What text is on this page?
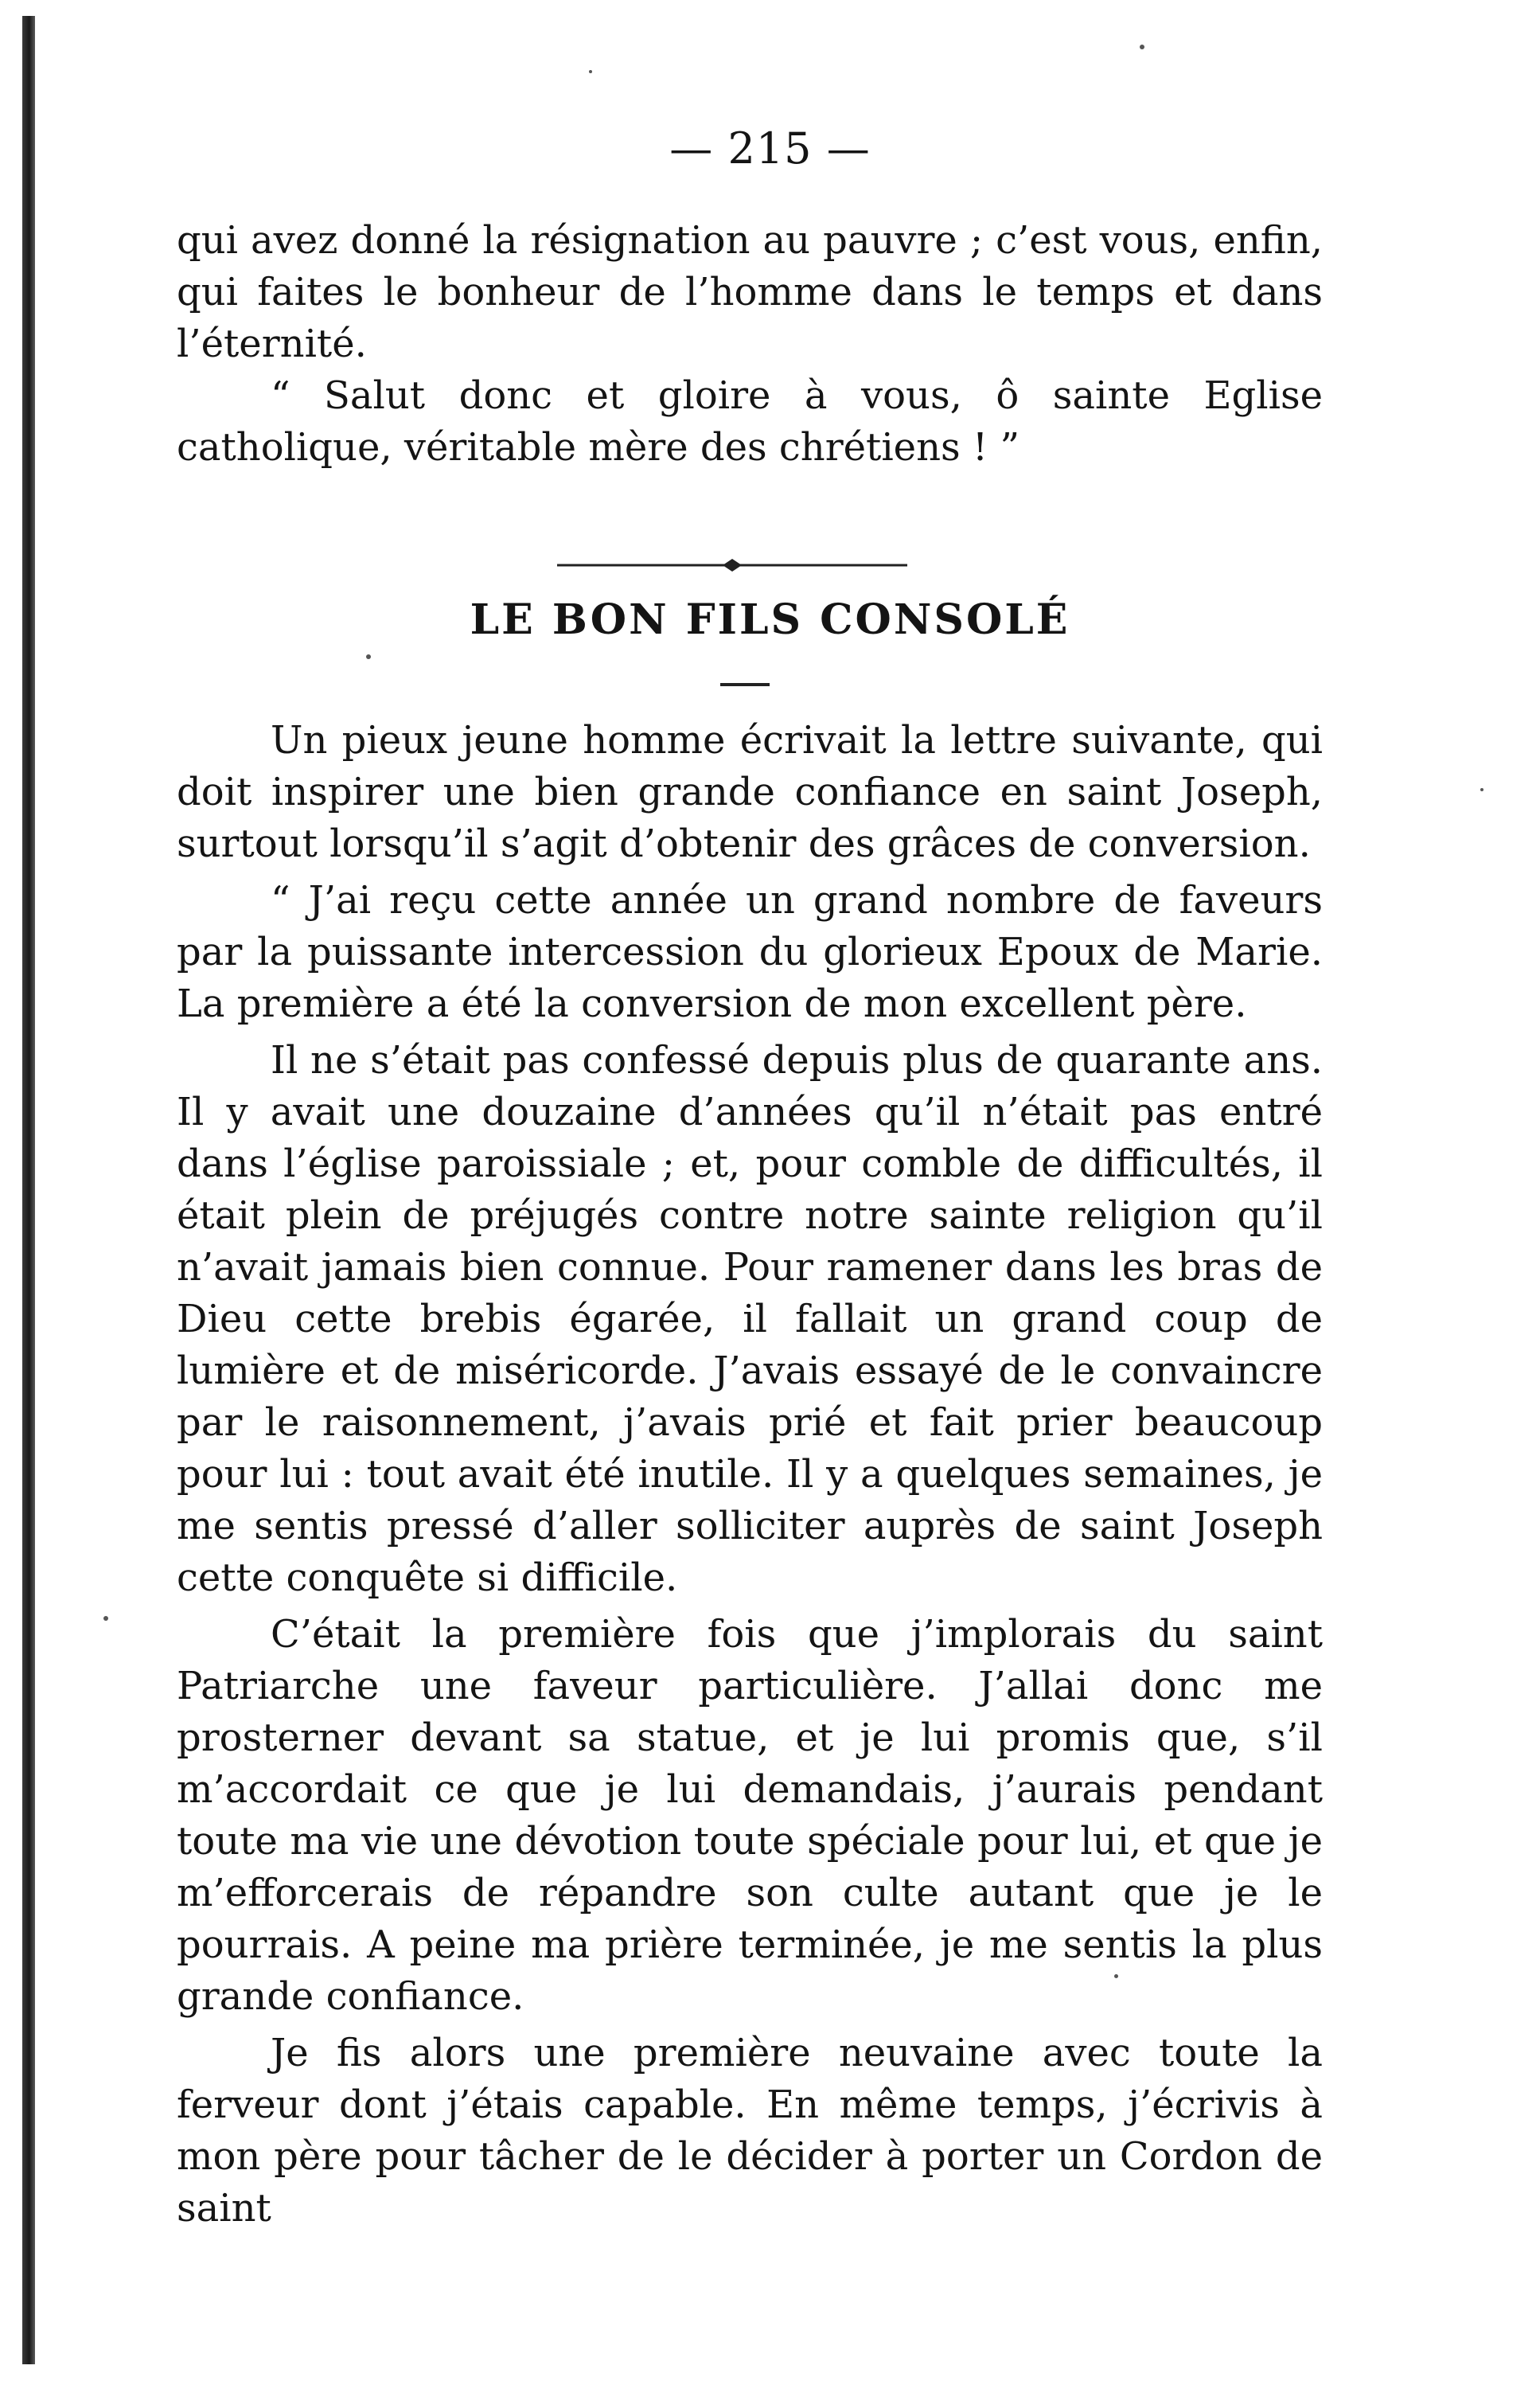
— 215 —

qui avez donné la résignation au pauvre ; c’est vous, enfin, qui faites le bonheur de l’homme dans le temps et dans l’éternité.

“ Salut donc et gloire à vous, ô sainte Eglise catholique, véritable mère des chrétiens ! ”

LE BON FILS CONSOLÉ

Un pieux jeune homme écrivait la lettre suivante, qui doit inspirer une bien grande confiance en saint Joseph, surtout lorsqu’il s’agit d’obtenir des grâces de conversion.

“ J’ai reçu cette année un grand nombre de faveurs par la puissante intercession du glorieux Epoux de Marie. La première a été la conversion de mon excellent père.

Il ne s’était pas confessé depuis plus de quarante ans. Il y avait une douzaine d’années qu’il n’était pas entré dans l’église paroissiale ; et, pour comble de difficultés, il était plein de préjugés contre notre sainte religion qu’il n’avait jamais bien connue. Pour ramener dans les bras de Dieu cette brebis égarée, il fallait un grand coup de lumière et de miséricorde. J’avais essayé de le convaincre par le raisonnement, j’avais prié et fait prier beaucoup pour lui : tout avait été inutile. Il y a quelques semaines, je me sentis pressé d’aller solliciter auprès de saint Joseph cette conquête si difficile.

C’était la première fois que j’implorais du saint Patriarche une faveur particulière. J’allai donc me prosterner devant sa statue, et je lui promis que, s’il m’accordait ce que je lui demandais, j’aurais pendant toute ma vie une dévotion toute spéciale pour lui, et que je m’efforcerais de répandre son culte autant que je le pourrais. A peine ma prière terminée, je me sentis la plus grande confiance.

Je fis alors une première neuvaine avec toute la ferveur dont j’étais capable. En même temps, j’écrivis à mon père pour tâcher de le décider à porter un Cordon de saint
